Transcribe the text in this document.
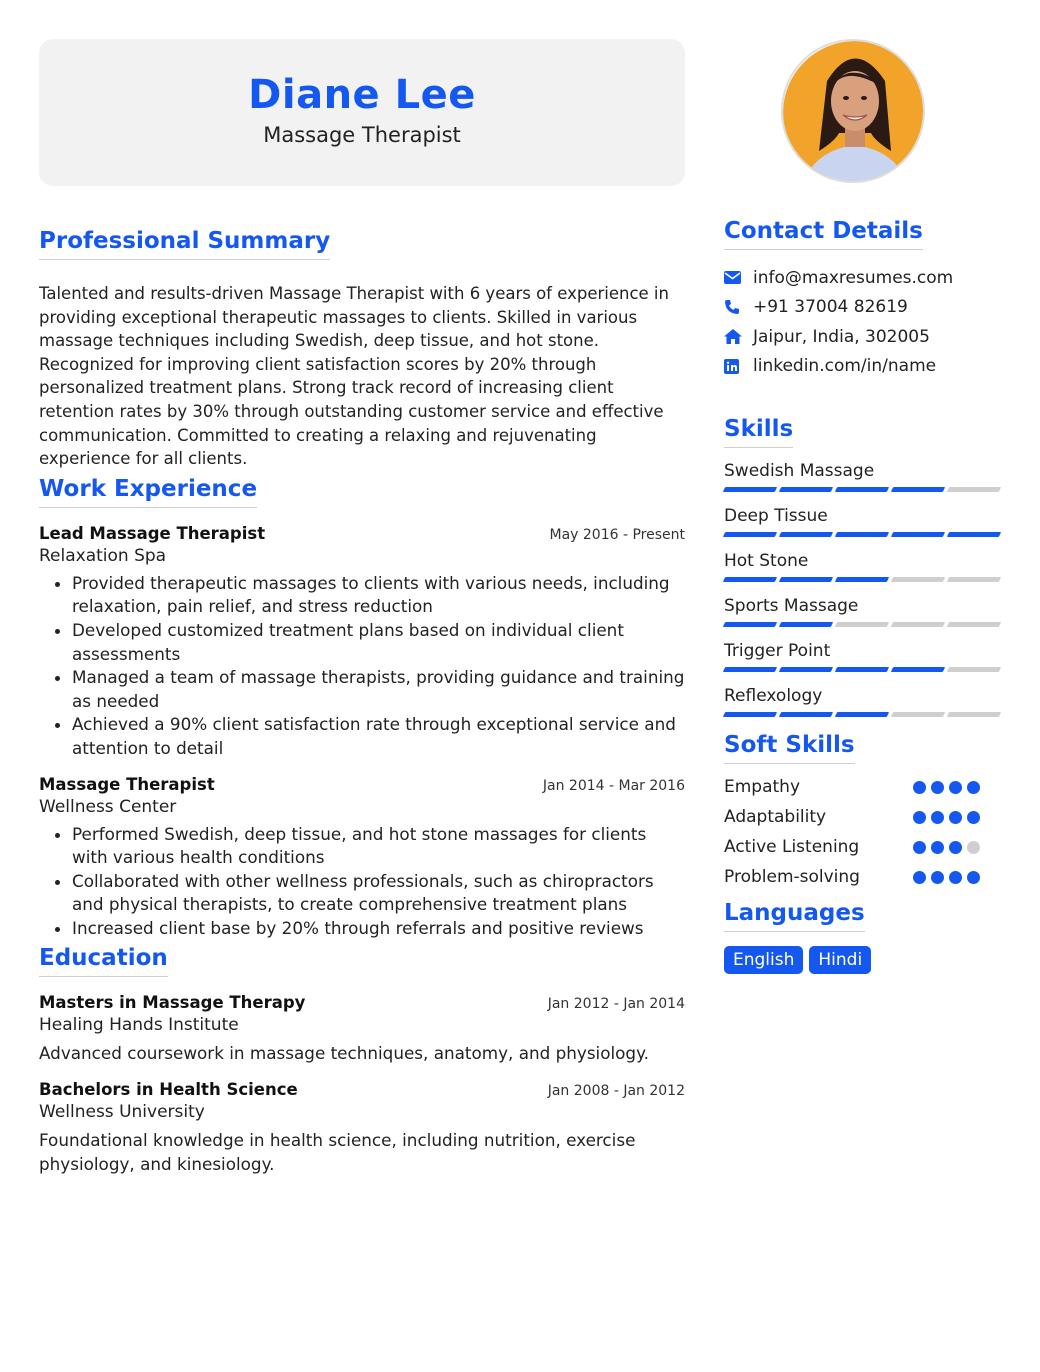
Diane Lee
Massage Therapist
Professional Summary

Talented and results-driven Massage Therapist with 6 years of experience in providing exceptional therapeutic massages to clients. Skilled in various massage techniques including Swedish, deep tissue, and hot stone. Recognized for improving client satisfaction scores by 20% through personalized treatment plans. Strong track record of increasing client retention rates by 30% through outstanding customer service and effective communication. Committed to creating a relaxing and rejuvenating experience for all clients.

Work Experience
Lead Massage Therapist	May 2016 - Present
Relaxation Spa
• Provided therapeutic massages to clients with various needs, including relaxation, pain relief, and stress reduction
• Developed customized treatment plans based on individual client assessments
• Managed a team of massage therapists, providing guidance and training as needed
• Achieved a 90% client satisfaction rate through exceptional service and attention to detail
Massage Therapist	Jan 2014 - Mar 2016
Wellness Center
• Performed Swedish, deep tissue, and hot stone massages for clients with various health conditions
• Collaborated with other wellness professionals, such as chiropractors and physical therapists, to create comprehensive treatment plans
• Increased client base by 20% through referrals and positive reviews
Education
Masters in Massage Therapy	Jan 2012 - Jan 2014
Healing Hands Institute

Advanced coursework in massage techniques, anatomy, and physiology.

Bachelors in Health Science	Jan 2008 - Jan 2012
Wellness University

Foundational knowledge in health science, including nutrition, exercise physiology, and kinesiology.

Contact Details
info@maxresumes.com
+91 37004 82619
Jaipur, India, 302005
linkedin.com/in/name
Skills
Swedish Massage
Deep Tissue
Hot Stone
Sports Massage
Trigger Point
Reflexology
Soft Skills
Empathy
Adaptability
Active Listening
Problem-solving
Languages
English	Hindi
